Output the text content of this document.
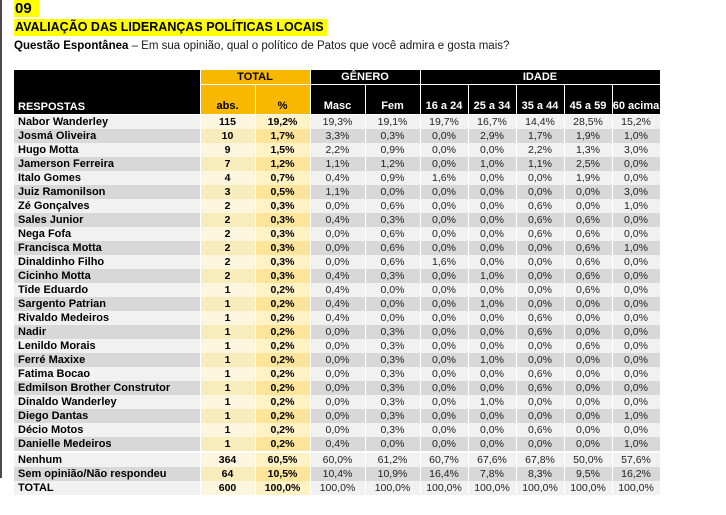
09
AVALIAÇÃO DAS LIDERANÇAS POLÍTICAS LOCAIS
Questão Espontânea – Em sua opinião, qual o político de Patos que você admira e gosta mais?
RESPOSTAS	TOTAL		GÊNERO		IDADE				
	abs.	%	Masc	Fem	16 a 24	25 a 34	35 a 44	45 a 59	60 acima
Nabor Wanderley	115	19,2%	19,3%	19,1%	19,7%	16,7%	14,4%	28,5%	15,2%
Josmá Oliveira	10	1,7%	3,3%	0,3%	0,0%	2,9%	1,7%	1,9%	1,0%
Hugo Motta	9	1,5%	2,2%	0,9%	0,0%	0,0%	2,2%	1,3%	3,0%
Jamerson Ferreira	7	1,2%	1,1%	1,2%	0,0%	1,0%	1,1%	2,5%	0,0%
Italo Gomes	4	0,7%	0,4%	0,9%	1,6%	0,0%	0,0%	1,9%	0,0%
Juiz Ramonilson	3	0,5%	1,1%	0,0%	0,0%	0,0%	0,0%	0,0%	3,0%
Zé Gonçalves	2	0,3%	0,0%	0,6%	0,0%	0,0%	0,6%	0,0%	1,0%
Sales Junior	2	0,3%	0,4%	0,3%	0,0%	0,0%	0,6%	0,6%	0,0%
Nega Fofa	2	0,3%	0,0%	0,6%	0,0%	0,0%	0,6%	0,6%	0,0%
Francisca Motta	2	0,3%	0,0%	0,6%	0,0%	0,0%	0,0%	0,6%	1,0%
Dinaldinho Filho	2	0,3%	0,0%	0,6%	1,6%	0,0%	0,0%	0,6%	0,0%
Cicinho Motta	2	0,3%	0,4%	0,3%	0,0%	1,0%	0,0%	0,6%	0,0%
Tide Eduardo	1	0,2%	0,4%	0,0%	0,0%	0,0%	0,0%	0,6%	0,0%
Sargento Patrian	1	0,2%	0,4%	0,0%	0,0%	1,0%	0,0%	0,0%	0,0%
Rivaldo Medeiros	1	0,2%	0,4%	0,0%	0,0%	0,0%	0,6%	0,0%	0,0%
Nadir	1	0,2%	0,0%	0,3%	0,0%	0,0%	0,6%	0,0%	0,0%
Lenildo Morais	1	0,2%	0,0%	0,3%	0,0%	0,0%	0,0%	0,6%	0,0%
Ferré Maxixe	1	0,2%	0,0%	0,3%	0,0%	1,0%	0,0%	0,0%	0,0%
Fatima Bocao	1	0,2%	0,0%	0,3%	0,0%	0,0%	0,6%	0,0%	0,0%
Edmilson Brother Construtor	1	0,2%	0,0%	0,3%	0,0%	0,0%	0,6%	0,0%	0,0%
Dinaldo Wanderley	1	0,2%	0,0%	0,3%	0,0%	1,0%	0,0%	0,0%	0,0%
Diego Dantas	1	0,2%	0,0%	0,3%	0,0%	0,0%	0,0%	0,0%	1,0%
Décio Motos	1	0,2%	0,0%	0,3%	0,0%	0,0%	0,6%	0,0%	0,0%
Danielle Medeiros	1	0,2%	0,4%	0,0%	0,0%	0,0%	0,0%	0,0%	1,0%
Nenhum	364	60,5%	60,0%	61,2%	60,7%	67,6%	67,8%	50,0%	57,6%
Sem opinião/Não respondeu	64	10,5%	10,4%	10,9%	16,4%	7,8%	8,3%	9,5%	16,2%
TOTAL	600	100,0%	100,0%	100,0%	100,0%	100,0%	100,0%	100,0%	100,0%
